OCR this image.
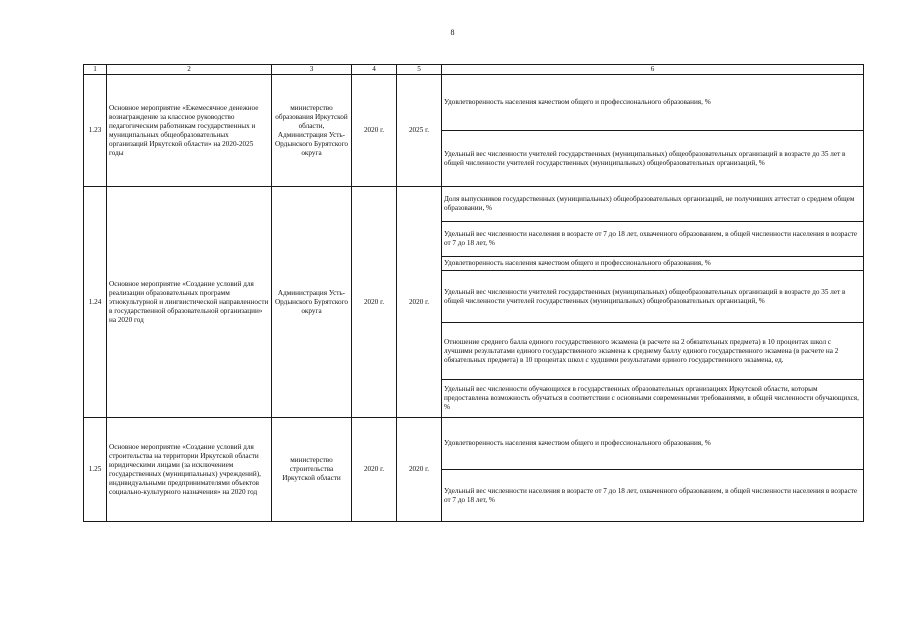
8
1	2	3	4	5	6
1.23	Основное мероприятие «Ежемесячное денежное вознаграждение за классное руководство педагогическим работникам государственных и муниципальных общеобразовательных организаций Иркутской области» на 2020-2025 годы	министерство образования Иркутской области, Администрация Усть-Ордынского Бурятского округа	2020 г.	2025 г.	Удовлетворенность населения качеством общего и профессионального образования, %
					Удельный вес численности учителей государственных (муниципальных) общеобразовательных организаций в возрасте до 35 лет в общей численности учителей государственных (муниципальных) общеобразовательных организаций, %
1.24	Основное мероприятие «Создание условий для реализации образовательных программ этнокультурной и лингвистической направленности в государственной образовательной организации» на 2020 год	Администрация Усть-Ордынского Бурятского округа	2020 г.	2020 г.	Доля выпускников государственных (муниципальных) общеобразовательных организаций, не получивших аттестат о среднем общем образовании, %
					Удельный вес численности населения в возрасте от 7 до 18 лет, охваченного образованием, в общей численности населения в возрасте от 7 до 18 лет, %
					Удовлетворенность населения качеством общего и профессионального образования, %
					Удельный вес численности учителей государственных (муниципальных) общеобразовательных организаций в возрасте до 35 лет в общей численности учителей государственных (муниципальных) общеобразовательных организаций, %
					Отношение среднего балла единого государственного экзамена (в расчете на 2 обязательных предмета) в 10 процентах школ с лучшими результатами единого государственного экзамена к среднему баллу единого государственного экзамена (в расчете на 2 обязательных предмета) в 10 процентах школ с худшими результатами единого государственного экзамена, ед.
					Удельный вес численности обучающихся в государственных образовательных организациях Иркутской области, которым предоставлена возможность обучаться в соответствии с основными современными требованиями, в общей численности обучающихся, %
1.25	Основное мероприятие «Создание условий для строительства на территории Иркутской области юридическими лицами (за исключением государственных (муниципальных) учреждений), индивидуальными предпринимателями объектов социально-культурного назначения» на 2020 год	министерство строительства Иркутской области	2020 г.	2020 г.	Удовлетворенность населения качеством общего и профессионального образования, %
					Удельный вес численности населения в возрасте от 7 до 18 лет, охваченного образованием, в общей численности населения в возрасте от 7 до 18 лет, %
